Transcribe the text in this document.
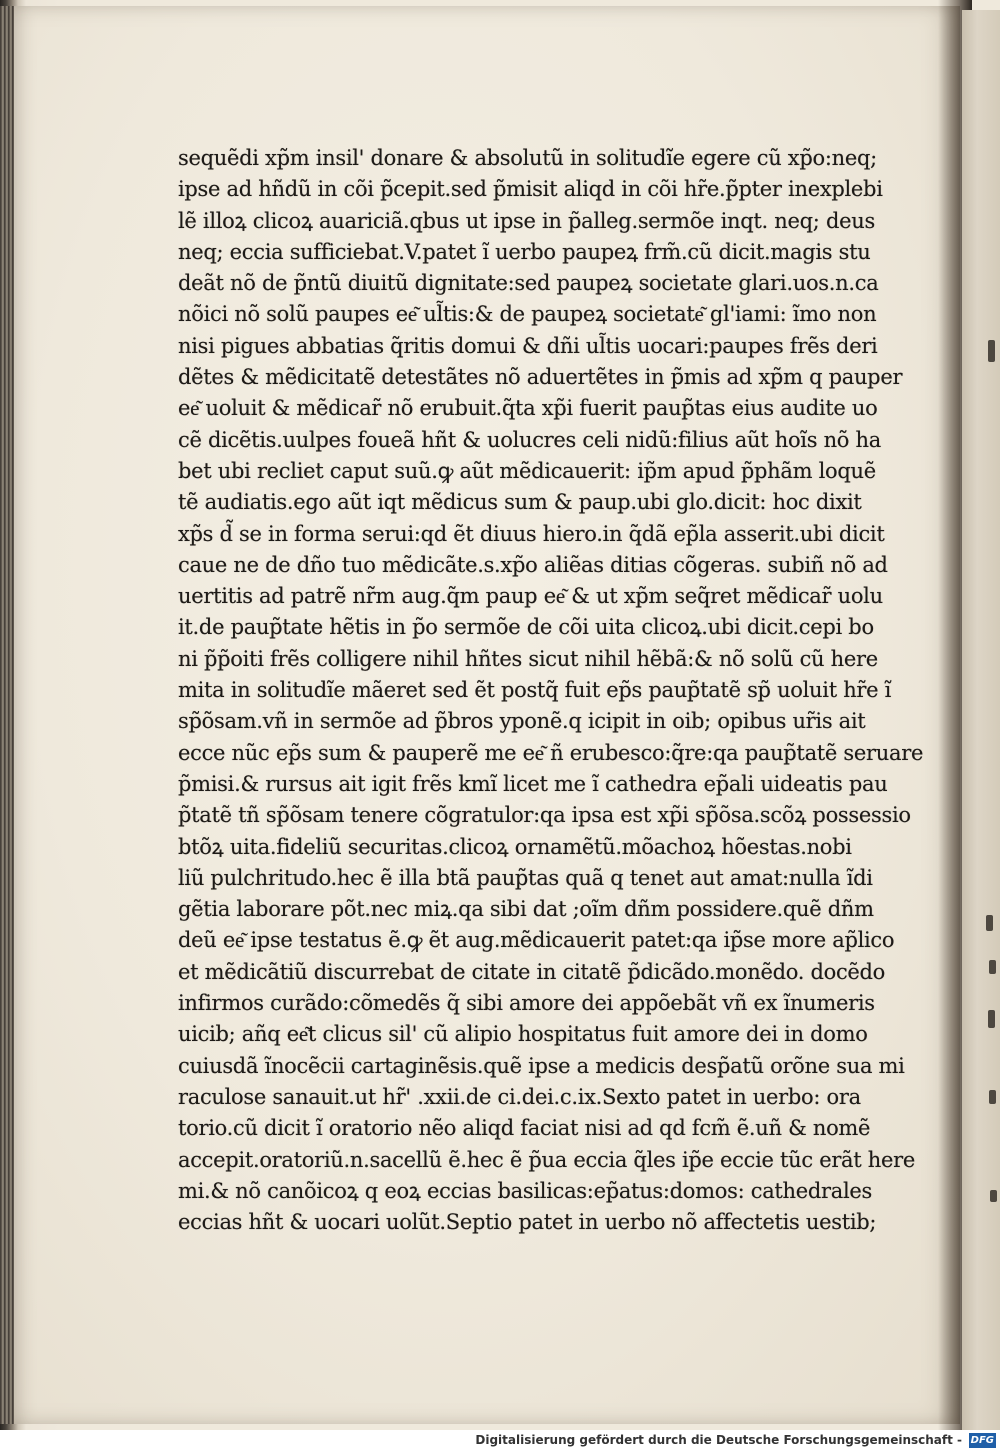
sequẽdi xp̃m insil' donare & absolutũ in solitudĩe egere cũ xp̃o:neq;
ipse ad hñdũ in cõi p̃cepit.sed p̃misit aliqd in cõi hr̃e.p̃pter inexplebi
lẽ illoꝝ clicoꝝ auariciã.qbus ut ipse in p̃alleg.sermõe inqt. neq; deus
neq; eccia sufficiebat.V.patet ĩ uerbo paupeꝝ frm̃.cũ dicit.magis stu
deãt nõ de p̃ntũ diuitũ dignitate:sed paupeꝝ societate glari.uos.n.ca
nõici nõ solũ paupes ee͂ ul̃tis:& de paupeꝝ societate͂ gl'iami: ĩmo non
nisi pigues abbatias q̃ritis domui & dñi ul̃tis uocari:paupes frẽs deri
dẽtes & mẽdicitatẽ detestãtes nõ aduertẽtes in p̃mis ad xp̃m q pauper
ee͂ uoluit & mẽdicar̃ nõ erubuit.q̃ta xp̃i fuerit paup̃tas eius audite uo
cẽ dicẽtis.uulpes foueã hñt & uolucres celi nidũ:filius aũt hoĩs nõ ha
bet ubi recliet caput suũ.ꝙ aũt mẽdicauerit: ip̃m apud p̃phãm loquẽ
tẽ audiatis.ego aũt iqt mẽdicus sum & paup.ubi glo.dicit: hoc dixit
xp̃s d̃ se in forma serui:qd ẽt diuus hiero.in q̃dã ep̃la asserit.ubi dicit
caue ne de dño tuo mẽdicãte.s.xp̃o aliẽas ditias cõgeras. subiñ nõ ad
uertitis ad patrẽ nr̃m aug.q̃m paup ee͂ & ut xp̃m seq̃ret mẽdicar̃ uolu
it.de paup̃tate hẽtis in p̃o sermõe de cõi uita clicoꝝ.ubi dicit.cepi bo
ni p̃p̃oiti frẽs colligere nihil hñtes sicut nihil hẽbã:& nõ solũ cũ here
mita in solitudĩe mãeret sed ẽt postq̃ fuit ep̃s paup̃tatẽ sp̃ uoluit hr̃e ĩ
sp̃õsam.vñ in sermõe ad p̃bros yponẽ.q icipit in oib; opibus ur̃is ait
ecce nũc ep̃s sum & pauperẽ me ee͂ ñ erubesco:q̃re:qa paup̃tatẽ seruare
p̃misi.& rursus ait igit frẽs kmĩ licet me ĩ cathedra ep̃ali uideatis pau
p̃tatẽ tñ sp̃õsam tenere cõgratulor:qa ipsa est xp̃i sp̃õsa.scõꝝ possessio
btõꝝ uita.fideliũ securitas.clicoꝝ ornamẽtũ.mõachoꝝ hõestas.nobi
liũ pulchritudo.hec ẽ illa btã paup̃tas quã q tenet aut amat:nulla ĩdi
gẽtia laborare põt.nec miꝝ.qa sibi dat ;oĩm dñm possidere.quẽ dñm
deũ ee͂ ipse testatus ẽ.ꝙ ẽt aug.mẽdicauerit patet:qa ip̃se more ap̃lico
et mẽdicãtiũ discurrebat de citate in citatẽ p̃dicãdo.monẽdo. docẽdo
infirmos curãdo:cõmedẽs q̃ sibi amore dei appõebãt vñ ex ĩnumeris
uicib; añq ee͂t clicus sil' cũ alipio hospitatus fuit amore dei in domo
cuiusdã ĩnocẽcii cartaginẽsis.quẽ ipse a medicis desp̃atũ orõne sua mi
raculose sanauit.ut hr̃' .xxii.de ci.dei.c.ix.Sexto patet in uerbo: ora
torio.cũ dicit ĩ oratorio nẽo aliqd faciat nisi ad qd fcm̃ ẽ.uñ & nomẽ
accepit.oratoriũ.n.sacellũ ẽ.hec ẽ p̃ua eccia q̃les ip̃e eccie tũc erãt here
mi.& nõ canõicoꝝ q eoꝝ eccias basilicas:ep̃atus:domos: cathedrales
eccias hñt & uocari uolũt.Septio patet in uerbo nõ affectetis uestib;
Digitalisierung gefördert durch die Deutsche Forschungsgemeinschaft - DFG
